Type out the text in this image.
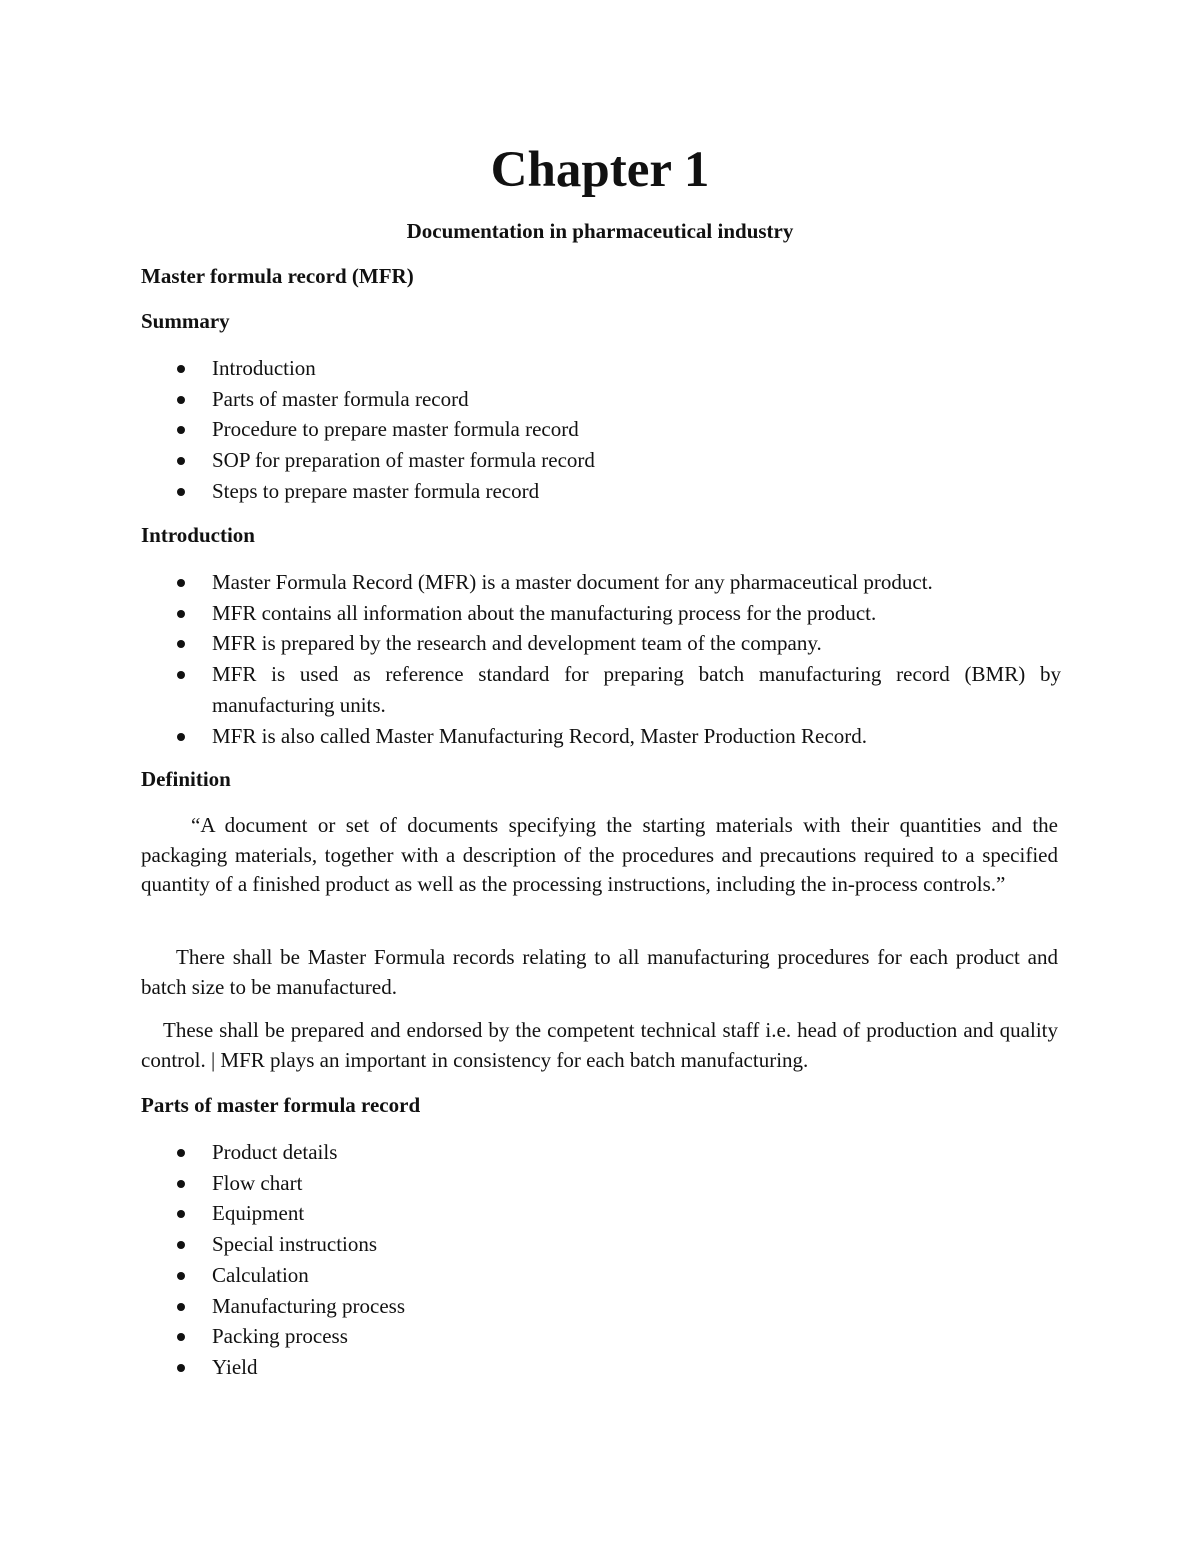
Chapter 1
Documentation in pharmaceutical industry
Master formula record (MFR)
Summary
Introduction
Parts of master formula record
Procedure to prepare master formula record
SOP for preparation of master formula record
Steps to prepare master formula record
Introduction
Master Formula Record (MFR) is a master document for any pharmaceutical product.
MFR contains all information about the manufacturing process for the product.
MFR is prepared by the research and development team of the company.
MFR is used as reference standard for preparing batch manufacturing record (BMR) by manufacturing units.
MFR is also called Master Manufacturing Record, Master Production Record.
Definition

“A document or set of documents specifying the starting materials with their quantities and the packaging materials, together with a description of the procedures and precautions required to a specified quantity of a finished product as well as the processing instructions, including the in-process controls.”

There shall be Master Formula records relating to all manufacturing procedures for each product and batch size to be manufactured.

These shall be prepared and endorsed by the competent technical staff i.e. head of production and quality control. | MFR plays an important in consistency for each batch manufacturing.

Parts of master formula record
Product details
Flow chart
Equipment
Special instructions
Calculation
Manufacturing process
Packing process
Yield
